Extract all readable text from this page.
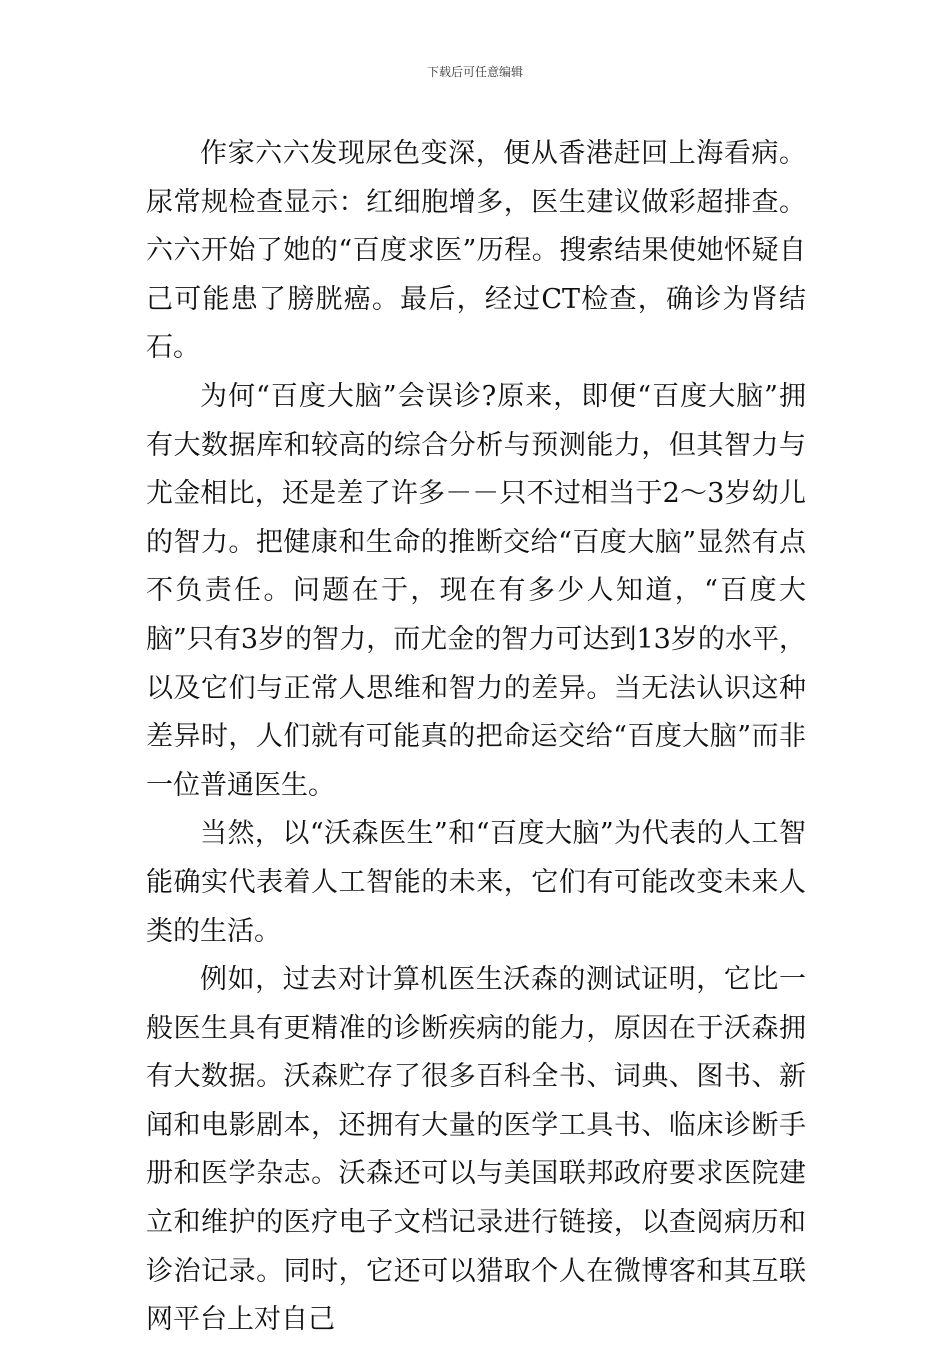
下载后可任意编辑

作家六六发现尿色变深，便从香港赶回上海看病。尿常规检查显示：红细胞增多，医生建议做彩超排查。六六开始了她的“百度求医”历程。搜索结果使她怀疑自己可能患了膀胱癌。最后，经过CT检查，确诊为肾结石。

为何“百度大脑”会误诊?原来，即便“百度大脑”拥有大数据库和较高的综合分析与预测能力，但其智力与尤金相比，还是差了许多－－只不过相当于2～3岁幼儿的智力。把健康和生命的推断交给“百度大脑”显然有点不负责任。问题在于，现在有多少人知道，“百度大脑”只有3岁的智力，而尤金的智力可达到13岁的水平，以及它们与正常人思维和智力的差异。当无法认识这种差异时，人们就有可能真的把命运交给“百度大脑”而非一位普通医生。

当然，以“沃森医生”和“百度大脑”为代表的人工智能确实代表着人工智能的未来，它们有可能改变未来人类的生活。

例如，过去对计算机医生沃森的测试证明，它比一般医生具有更精准的诊断疾病的能力，原因在于沃森拥有大数据。沃森贮存了很多百科全书、词典、图书、新闻和电影剧本，还拥有大量的医学工具书、临床诊断手册和医学杂志。沃森还可以与美国联邦政府要求医院建立和维护的医疗电子文档记录进行链接，以查阅病历和诊治记录。同时，它还可以猎取个人在微博客和其互联网平台上对自己
